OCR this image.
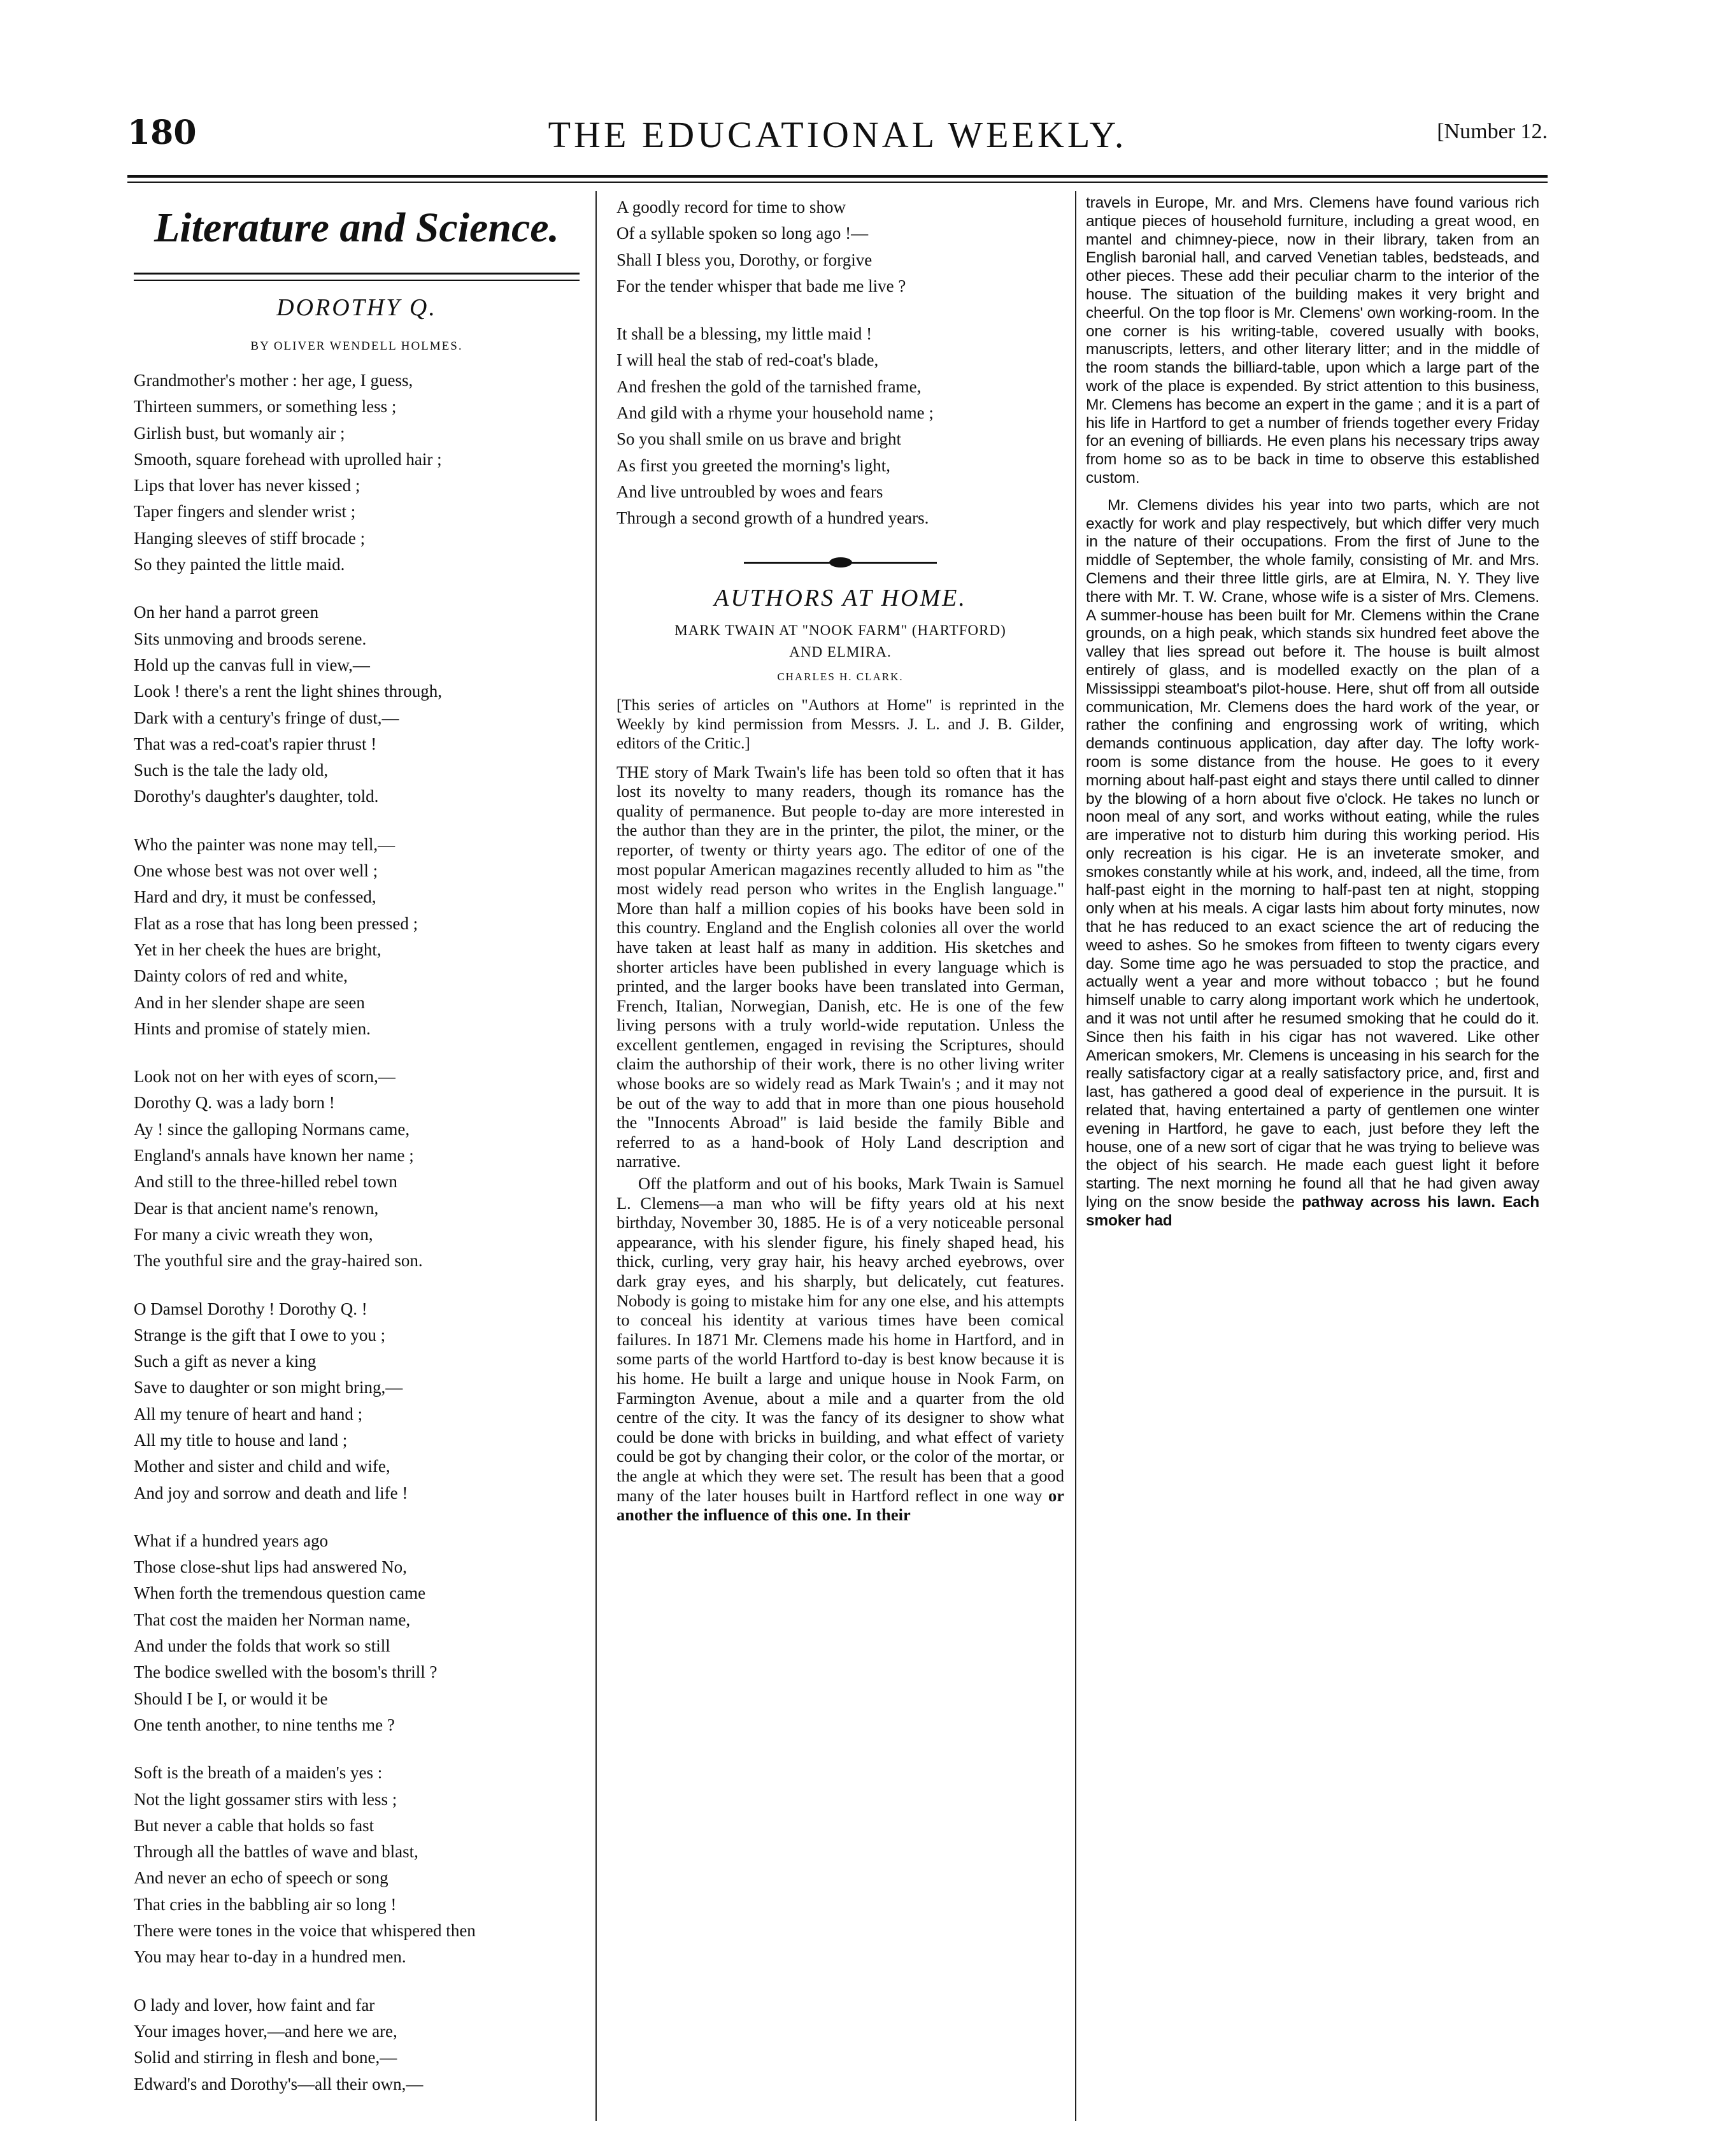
180	THE EDUCATIONAL WEEKLY.	[Number 12.
Literature and Science.
DOROTHY Q.
BY OLIVER WENDELL HOLMES.
Grandmother's mother : her age, I guess,
Thirteen summers, or something less ;
Girlish bust, but womanly air ;
Smooth, square forehead with uprolled hair ;
Lips that lover has never kissed ;
Taper fingers and slender wrist ;
Hanging sleeves of stiff brocade ;
So they painted the little maid.
On her hand a parrot green
Sits unmoving and broods serene.
Hold up the canvas full in view,—
Look ! there's a rent the light shines through,
Dark with a century's fringe of dust,—
That was a red-coat's rapier thrust !
Such is the tale the lady old,
Dorothy's daughter's daughter, told.
Who the painter was none may tell,—
One whose best was not over well ;
Hard and dry, it must be confessed,
Flat as a rose that has long been pressed ;
Yet in her cheek the hues are bright,
Dainty colors of red and white,
And in her slender shape are seen
Hints and promise of stately mien.
Look not on her with eyes of scorn,—
Dorothy Q. was a lady born !
Ay ! since the galloping Normans came,
England's annals have known her name ;
And still to the three-hilled rebel town
Dear is that ancient name's renown,
For many a civic wreath they won,
The youthful sire and the gray-haired son.
O Damsel Dorothy ! Dorothy Q. !
Strange is the gift that I owe to you ;
Such a gift as never a king
Save to daughter or son might bring,—
All my tenure of heart and hand ;
All my title to house and land ;
Mother and sister and child and wife,
And joy and sorrow and death and life !
What if a hundred years ago
Those close-shut lips had answered No,
When forth the tremendous question came
That cost the maiden her Norman name,
And under the folds that work so still
The bodice swelled with the bosom's thrill ?
Should I be I, or would it be
One tenth another, to nine tenths me ?
Soft is the breath of a maiden's yes :
Not the light gossamer stirs with less ;
But never a cable that holds so fast
Through all the battles of wave and blast,
And never an echo of speech or song
That cries in the babbling air so long !
There were tones in the voice that whispered then
You may hear to-day in a hundred men.
O lady and lover, how faint and far
Your images hover,—and here we are,
Solid and stirring in flesh and bone,—
Edward's and Dorothy's—all their own,—
A goodly record for time to show
Of a syllable spoken so long ago !—
Shall I bless you, Dorothy, or forgive
For the tender whisper that bade me live ?
It shall be a blessing, my little maid !
I will heal the stab of red-coat's blade,
And freshen the gold of the tarnished frame,
And gild with a rhyme your household name ;
So you shall smile on us brave and bright
As first you greeted the morning's light,
And live untroubled by woes and fears
Through a second growth of a hundred years.
AUTHORS AT HOME.
MARK TWAIN AT "NOOK FARM" (HARTFORD)
AND ELMIRA.
CHARLES H. CLARK.
[This series of articles on "Authors at Home" is reprinted in the Weekly by kind permission from Messrs. J. L. and J. B. Gilder, editors of the Critic.]
THE story of Mark Twain's life has been told so often that it has lost its novelty to many readers, though its romance has the quality of permanence. But people to-day are more interested in the author than they are in the printer, the pilot, the miner, or the reporter, of twenty or thirty years ago. The editor of one of the most popular American magazines recently alluded to him as "the most widely read person who writes in the English language." More than half a million copies of his books have been sold in this country. England and the English colonies all over the world have taken at least half as many in addition. His sketches and shorter articles have been published in every language which is printed, and the larger books have been translated into German, French, Italian, Norwegian, Danish, etc. He is one of the few living persons with a truly world-wide reputation. Unless the excellent gentlemen, engaged in revising the Scriptures, should claim the authorship of their work, there is no other living writer whose books are so widely read as Mark Twain's ; and it may not be out of the way to add that in more than one pious household the "Innocents Abroad" is laid beside the family Bible and referred to as a hand-book of Holy Land description and narrative.
Off the platform and out of his books, Mark Twain is Samuel L. Clemens—a man who will be fifty years old at his next birthday, November 30, 1885. He is of a very noticeable personal appearance, with his slender figure, his finely shaped head, his thick, curling, very gray hair, his heavy arched eyebrows, over dark gray eyes, and his sharply, but delicately, cut features. Nobody is going to mistake him for any one else, and his attempts to conceal his identity at various times have been comical failures. In 1871 Mr. Clemens made his home in Hartford, and in some parts of the world Hartford to-day is best know because it is his home. He built a large and unique house in Nook Farm, on Farmington Avenue, about a mile and a quarter from the old centre of the city. It was the fancy of its designer to show what could be done with bricks in building, and what effect of variety could be got by changing their color, or the color of the mortar, or the angle at which they were set. The result has been that a good many of the later houses built in Hartford reflect in one way or another the influence of this one. In their
travels in Europe, Mr. and Mrs. Clemens have found various rich antique pieces of household furniture, including a great wood, en mantel and chimney-piece, now in their library, taken from an English baronial hall, and carved Venetian tables, bedsteads, and other pieces. These add their peculiar charm to the interior of the house. The situation of the building makes it very bright and cheerful. On the top floor is Mr. Clemens' own working-room. In the one corner is his writing-table, covered usually with books, manuscripts, letters, and other literary litter; and in the middle of the room stands the billiard-table, upon which a large part of the work of the place is expended. By strict attention to this business, Mr. Clemens has become an expert in the game ; and it is a part of his life in Hartford to get a number of friends together every Friday for an evening of billiards. He even plans his necessary trips away from home so as to be back in time to observe this established custom.
Mr. Clemens divides his year into two parts, which are not exactly for work and play respectively, but which differ very much in the nature of their occupations. From the first of June to the middle of September, the whole family, consisting of Mr. and Mrs. Clemens and their three little girls, are at Elmira, N. Y. They live there with Mr. T. W. Crane, whose wife is a sister of Mrs. Clemens. A summer-house has been built for Mr. Clemens within the Crane grounds, on a high peak, which stands six hundred feet above the valley that lies spread out before it. The house is built almost entirely of glass, and is modelled exactly on the plan of a Mississippi steamboat's pilot-house. Here, shut off from all outside communication, Mr. Clemens does the hard work of the year, or rather the confining and engrossing work of writing, which demands continuous application, day after day. The lofty work-room is some distance from the house. He goes to it every morning about half-past eight and stays there until called to dinner by the blowing of a horn about five o'clock. He takes no lunch or noon meal of any sort, and works without eating, while the rules are imperative not to disturb him during this working period. His only recreation is his cigar. He is an inveterate smoker, and smokes constantly while at his work, and, indeed, all the time, from half-past eight in the morning to half-past ten at night, stopping only when at his meals. A cigar lasts him about forty minutes, now that he has reduced to an exact science the art of reducing the weed to ashes. So he smokes from fifteen to twenty cigars every day. Some time ago he was persuaded to stop the practice, and actually went a year and more without tobacco ; but he found himself unable to carry along important work which he undertook, and it was not until after he resumed smoking that he could do it. Since then his faith in his cigar has not wavered. Like other American smokers, Mr. Clemens is unceasing in his search for the really satisfactory cigar at a really satisfactory price, and, first and last, has gathered a good deal of experience in the pursuit. It is related that, having entertained a party of gentlemen one winter evening in Hartford, he gave to each, just before they left the house, one of a new sort of cigar that he was trying to believe was the object of his search. He made each guest light it before starting. The next morning he found all that he had given away lying on the snow beside the pathway across his lawn. Each smoker had
